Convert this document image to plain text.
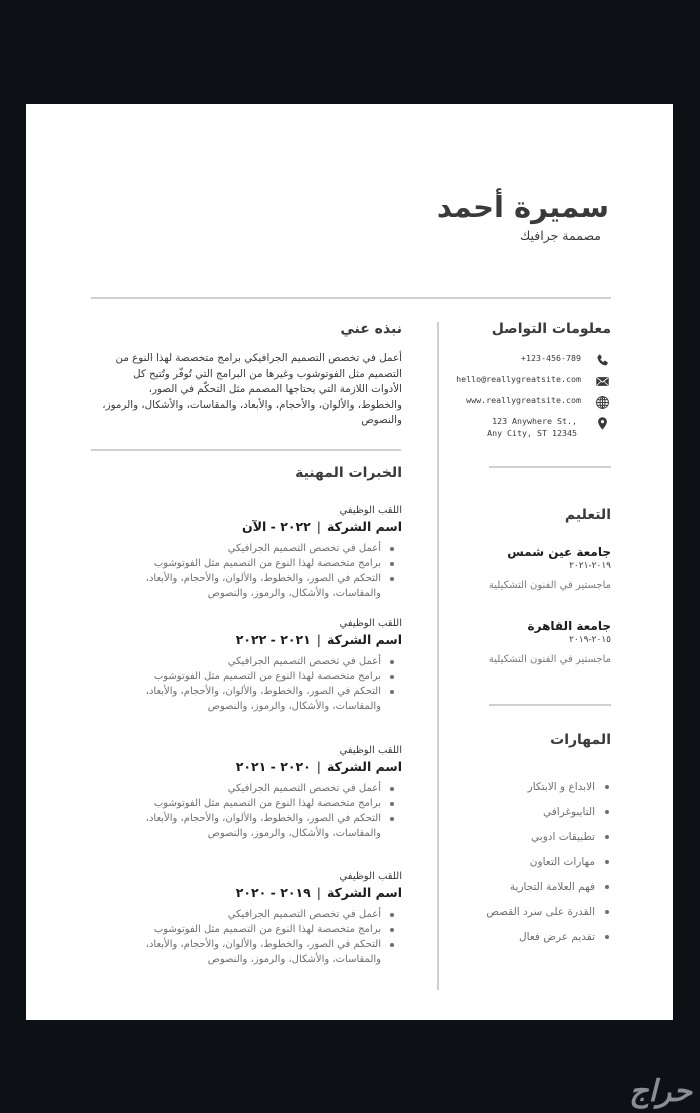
سميرة أحمد
مصممة جرافيك
معلومات التواصل
+123-456-789
hello@reallygreatsite.com
www.reallygreatsite.com
123 Anywhere St.,
Any City, ST 12345
التعليم
جامعة عين شمس
٢٠١٩-٢٠٢١
ماجستير في الفنون التشكيلية
جامعة القاهرة
٢٠١٥-٢٠١٩
ماجستير في الفنون التشكيلية
المهارات
الابداع و الابتكار
التايبوغرافي
تطبيقات ادوبي
مهارات التعاون
فهم العلامة التجارية
القدرة على سرد القصص
تقديم عرض فعال
نبذه عني
أعمل في تخصص التصميم الجرافيكي برامج متخصصة لهذا النوع من التصميم مثل الفوتوشوب وغيرها من البرامج التي تُوفّر وتُتيح كل الأدوات اللازمة التي يحتاجها المصمم مثل التحكّم في الصور، والخطوط، والألوان، والأحجام، والأبعاد، والمقاسات، والأشكال، والرموز، والنصوص
الخبرات المهنية
اللقب الوظيفي
اسم الشركة|٢٠٢٢ - الآن
أعمل في تخصص التصميم الجرافيكي
برامج متخصصة لهذا النوع من التصميم مثل الفوتوشوب
التحكم في الصور، والخطوط، والألوان، والأحجام، والأبعاد، والمقاسات، والأشكال، والرموز، والنصوص
اللقب الوظيفي
اسم الشركة|٢٠٢١ - ٢٠٢٢
أعمل في تخصص التصميم الجرافيكي
برامج متخصصة لهذا النوع من التصميم مثل الفوتوشوب
التحكم في الصور، والخطوط، والألوان، والأحجام، والأبعاد، والمقاسات، والأشكال، والرموز، والنصوص
اللقب الوظيفي
اسم الشركة|٢٠٢٠ - ٢٠٢١
أعمل في تخصص التصميم الجرافيكي
برامج متخصصة لهذا النوع من التصميم مثل الفوتوشوب
التحكم في الصور، والخطوط، والألوان، والأحجام، والأبعاد، والمقاسات، والأشكال، والرموز، والنصوص
اللقب الوظيفي
اسم الشركة|٢٠١٩ - ٢٠٢٠
أعمل في تخصص التصميم الجرافيكي
برامج متخصصة لهذا النوع من التصميم مثل الفوتوشوب
التحكم في الصور، والخطوط، والألوان، والأحجام، والأبعاد، والمقاسات، والأشكال، والرموز، والنصوص
حراج
